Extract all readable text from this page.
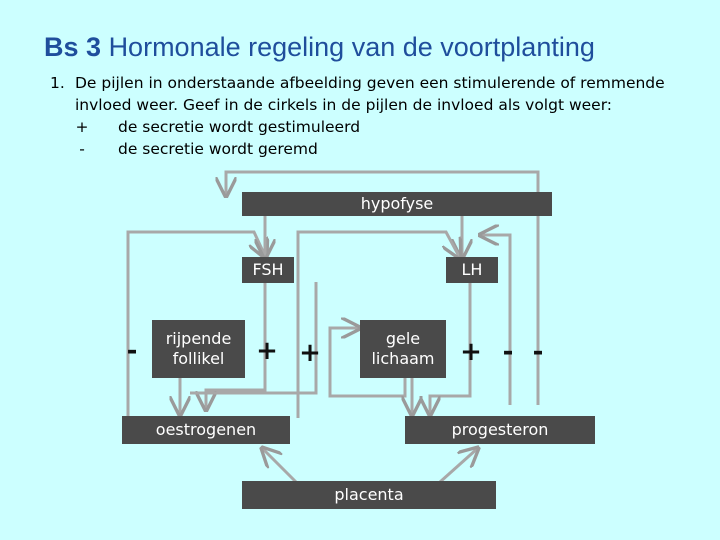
Bs 3 Hormonale regeling van de voortplanting
1. De pijlen in onderstaande afbeelding geven een stimulerende of remmende
invloed weer. Geef in de cirkels in de pijlen de invloed als volgt weer:
+ de secretie wordt gestimuleerd
- de secretie wordt geremd
hypofyse
FSH	LH
rijpende
follikel
gele
lichaam
oestrogenen	progesteron
placenta
-	+ +	+ - -
